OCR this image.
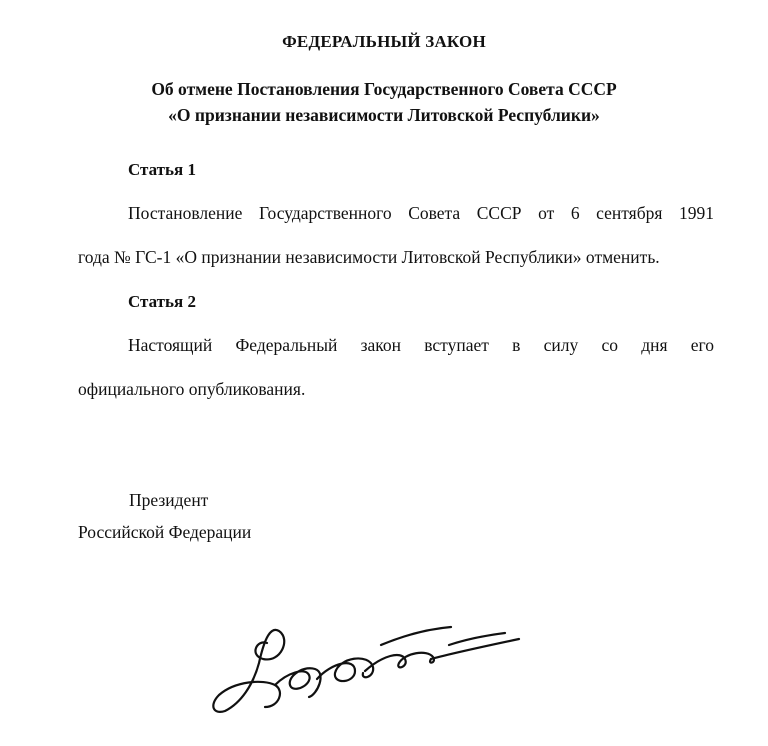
ФЕДЕРАЛЬНЫЙ ЗАКОН
Об отмене Постановления Государственного Совета СССР
«О признании независимости Литовской Республики»
Статья 1
Постановление Государственного Совета СССР от 6 сентября 1991
года № ГС-1 «О признании независимости Литовской Республики» отменить.
Статья 2
Настоящий Федеральный закон вступает в силу со дня его
официального опубликования.
Президент
Российской Федерации
